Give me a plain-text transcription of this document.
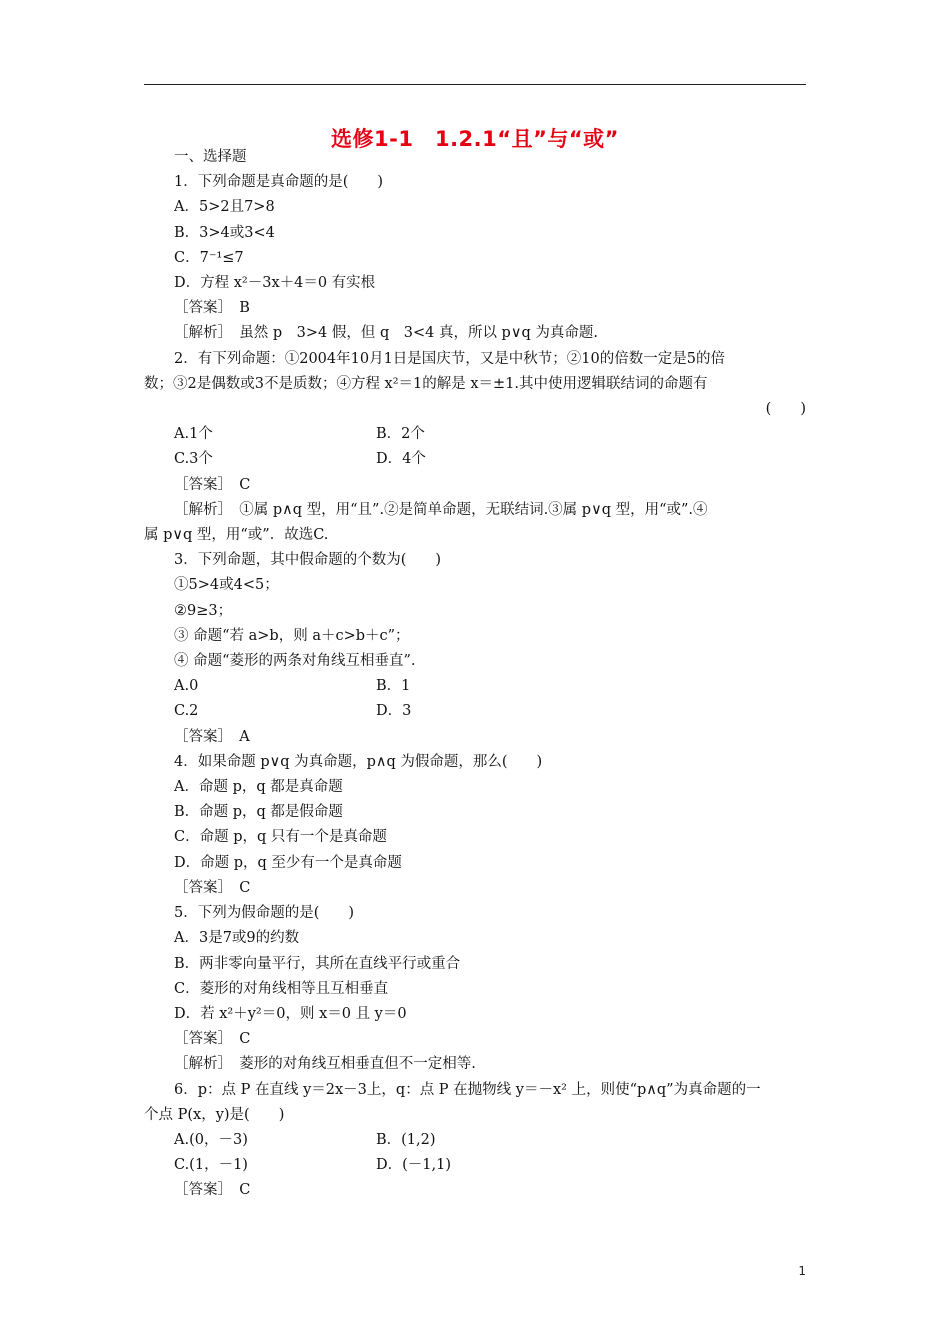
选修1-1　1.2.1“且”与“或”
一、选择题
1．下列命题是真命题的是(　　)
A．5>2且7>8
B．3>4或3<4
C．7⁻¹≤7
D．方程 x²－3x＋4＝0 有实根
［答案］　B
［解析］　虽然 p　3>4 假，但 q　3<4 真，所以 p∨q 为真命题.
2．有下列命题：①2004年10月1日是国庆节，又是中秋节；②10的倍数一定是5的倍
数；③2是偶数或3不是质数；④方程 x²＝1的解是 x＝±1.其中使用逻辑联结词的命题有
(　　)
A.1个	B．2个
C.3个	D．4个
［答案］　C
［解析］　①属 p∧q 型，用“且”.②是简单命题，无联结词.③属 p∨q 型，用“或”.④
属 p∨q 型，用“或”．故选C.
3．下列命题，其中假命题的个数为(　　)
①5>4或4<5；
②9≥3；
③ 命题“若 a>b，则 a＋c>b＋c”；
④ 命题“菱形的两条对角线互相垂直”.
A.0	B．1
C.2	D．3
［答案］　A
4．如果命题 p∨q 为真命题，p∧q 为假命题，那么(　　)
A．命题 p，q 都是真命题
B．命题 p，q 都是假命题
C．命题 p，q 只有一个是真命题
D．命题 p，q 至少有一个是真命题
［答案］　C
5．下列为假命题的是(　　)
A．3是7或9的约数
B．两非零向量平行，其所在直线平行或重合
C．菱形的对角线相等且互相垂直
D．若 x²＋y²＝0，则 x＝0 且 y＝0
［答案］　C
［解析］　菱形的对角线互相垂直但不一定相等.
6．p：点 P 在直线 y＝2x－3上，q：点 P 在抛物线 y＝－x² 上，则使“p∧q”为真命题的一
个点 P(x，y)是(　　)
A.(0，－3)	B．(1,2)
C.(1，－1)	D．(－1,1)
［答案］　C
1
